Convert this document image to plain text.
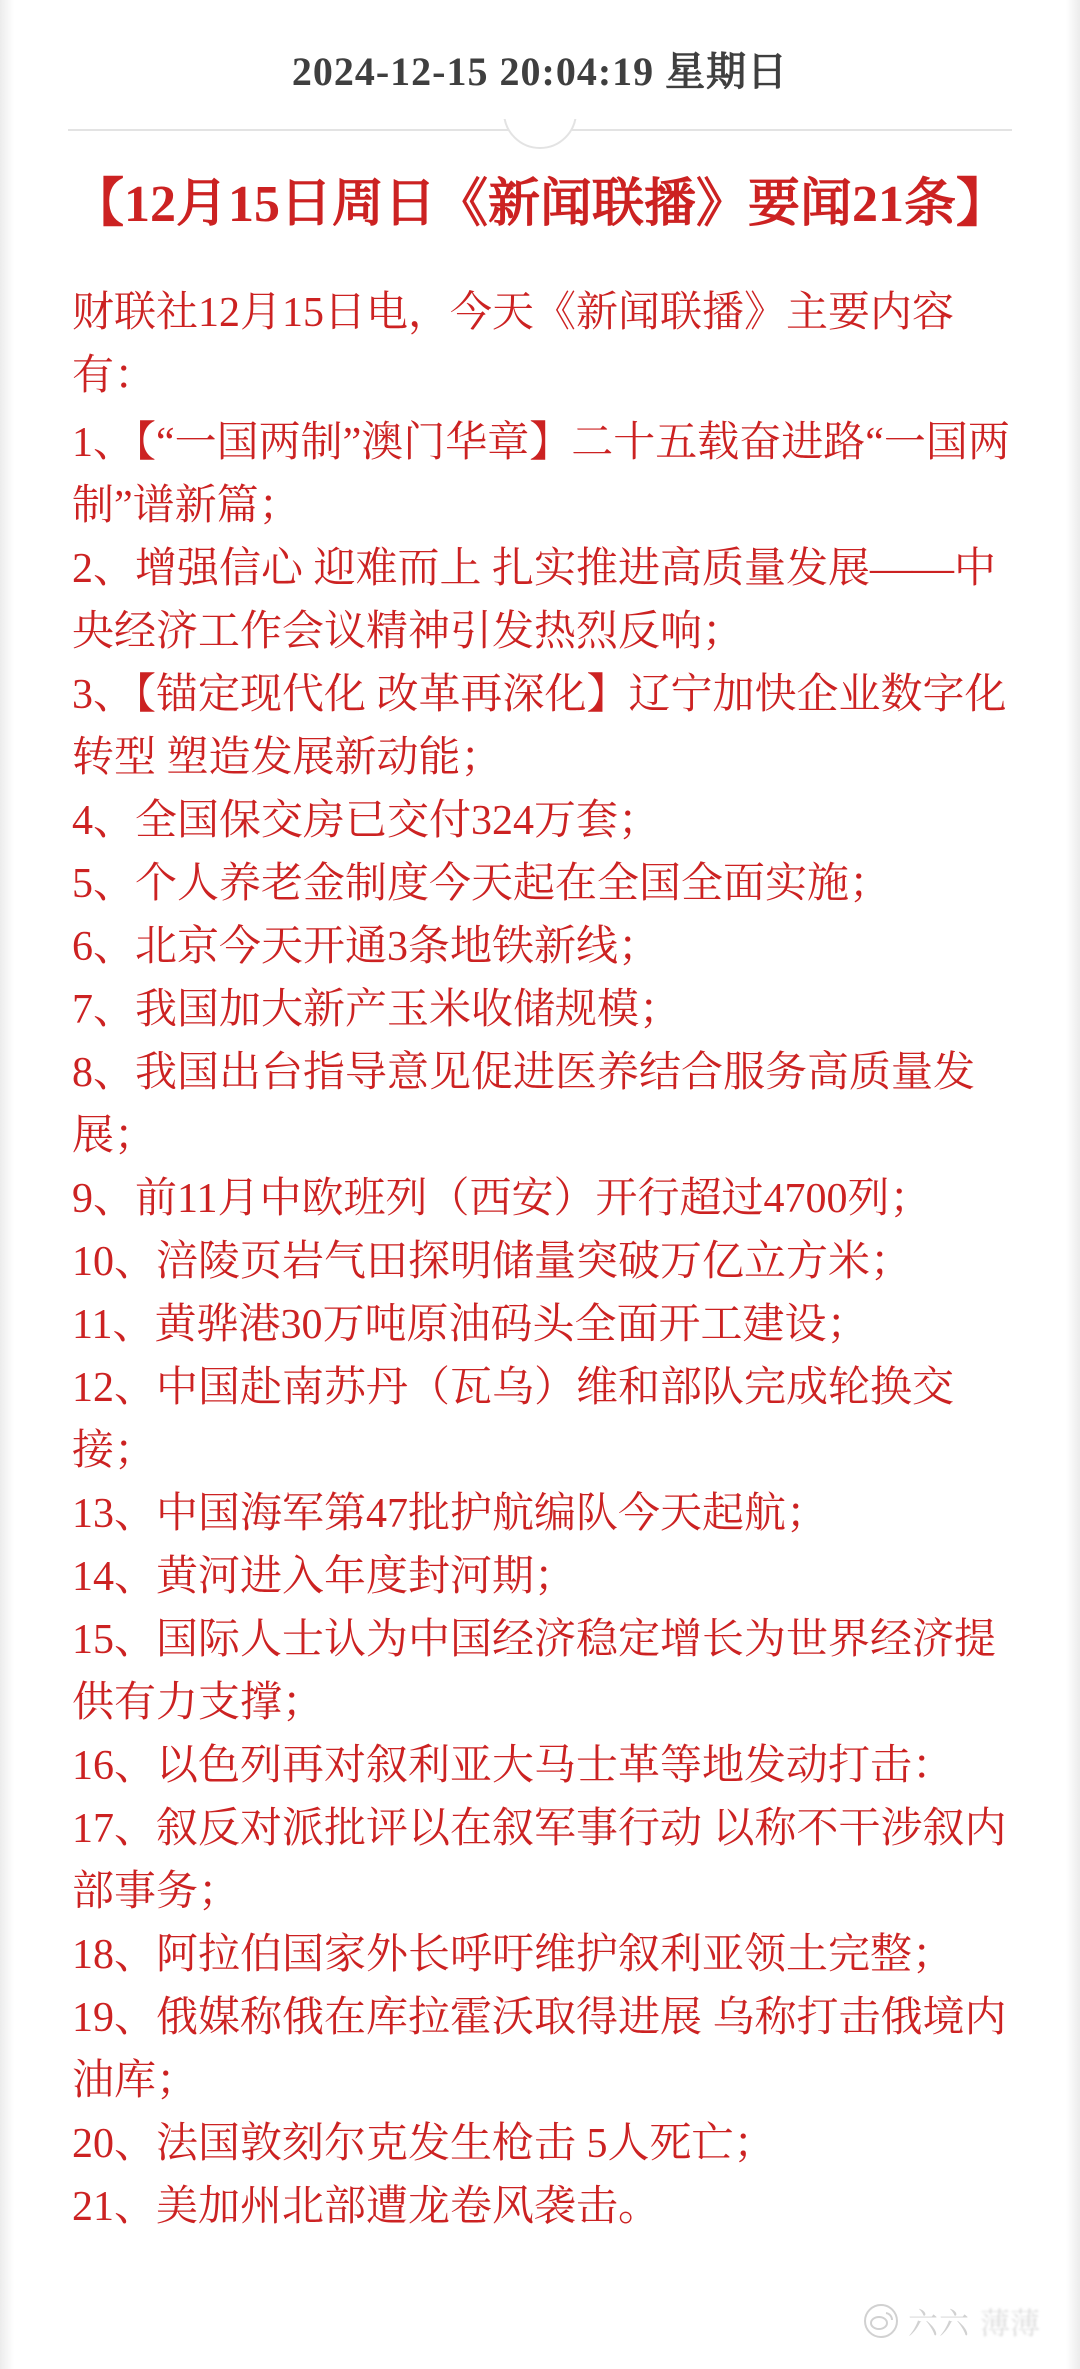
2024-12-15 20:04:19 星期日
【12月15日周日《新闻联播》要闻21条】

财联社12月15日电，今天《新闻联播》主要内容有：

1、【“一国两制”澳门华章】二十五载奋进路“一国两制”谱新篇；
2、增强信心 迎难而上 扎实推进高质量发展——中央经济工作会议精神引发热烈反响；
3、【锚定现代化 改革再深化】辽宁加快企业数字化转型 塑造发展新动能；
4、全国保交房已交付324万套；
5、个人养老金制度今天起在全国全面实施；
6、北京今天开通3条地铁新线；
7、我国加大新产玉米收储规模；
8、我国出台指导意见促进医养结合服务高质量发展；
9、前11月中欧班列（西安）开行超过4700列；
10、涪陵页岩气田探明储量突破万亿立方米；
11、黄骅港30万吨原油码头全面开工建设；
12、中国赴南苏丹（瓦乌）维和部队完成轮换交接；
13、中国海军第47批护航编队今天起航；
14、黄河进入年度封河期；
15、国际人士认为中国经济稳定增长为世界经济提供有力支撑；
16、以色列再对叙利亚大马士革等地发动打击：
17、叙反对派批评以在叙军事行动 以称不干涉叙内部事务；
18、阿拉伯国家外长呼吁维护叙利亚领土完整；
19、俄媒称俄在库拉霍沃取得进展 乌称打击俄境内油库；
20、法国敦刻尔克发生枪击 5人死亡；
21、美加州北部遭龙卷风袭击。
六六 薄薄
